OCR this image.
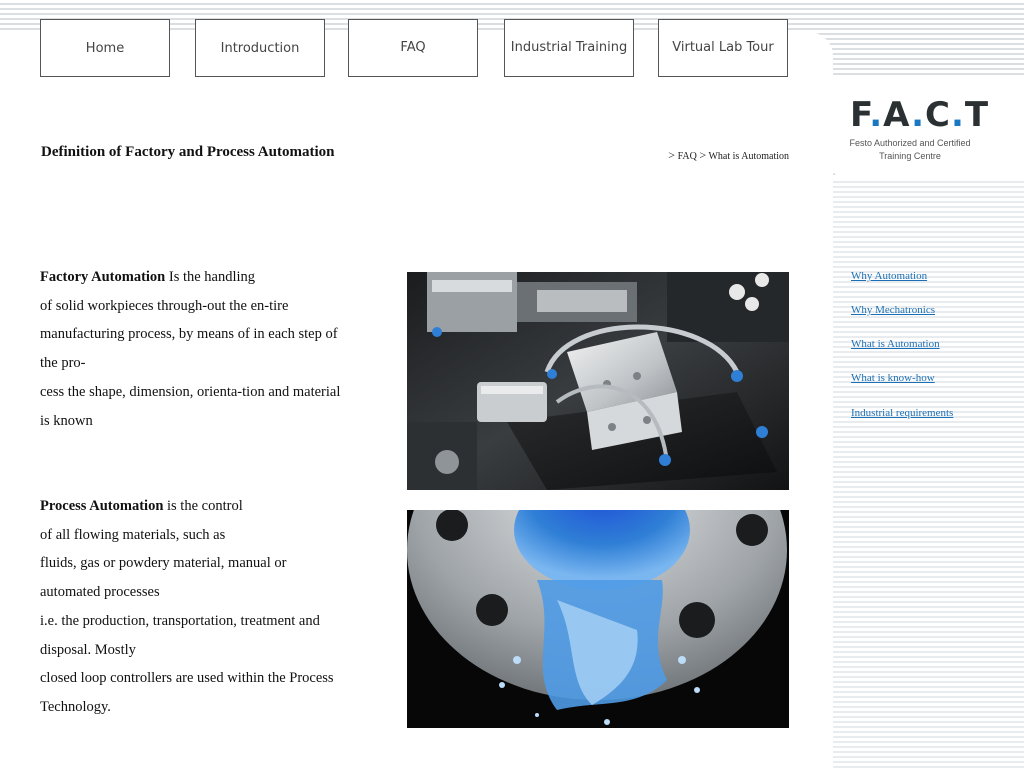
Home	Introduction	FAQ	Industrial Training	Virtual Lab Tour
F.A.C.T
Festo Authorized and Certified
Training Centre
Definition of Factory and Process Automation	> FAQ > What is Automation
Factory Automation Is the handling
of solid workpieces through-out the en-tire
manufacturing process, by means of in each step of
the pro-
cess the shape, dimension, orienta-tion and material
is known
Process Automation is the control
of all flowing materials, such as
fluids, gas or powdery material, manual or
automated processes
i.e. the production, transportation, treatment and
disposal. Mostly
closed loop controllers are used within the Process
Technology.
Why Automation
Why Mechatronics
What is Automation
What is know-how
Industrial requirements
